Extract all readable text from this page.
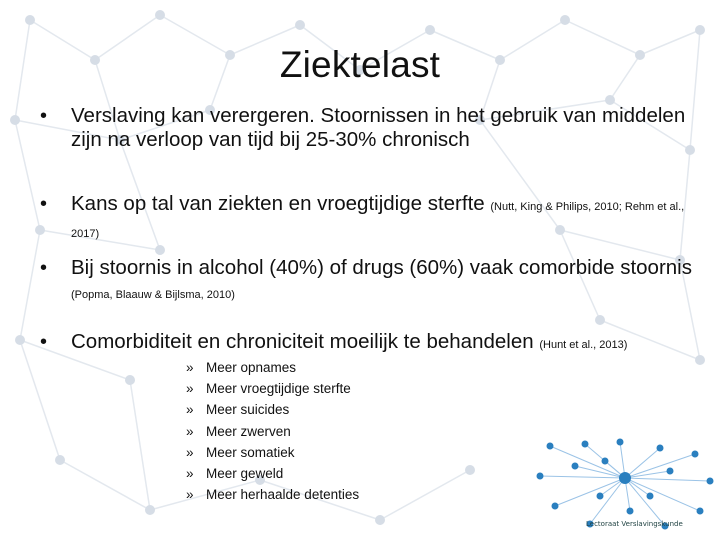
Ziektelast
• Verslaving kan verergeren. Stoornissen in het gebruik van middelen zijn na verloop van tijd bij 25-30% chronisch
• Kans op tal van ziekten en vroegtijdige sterfte (Nutt, King & Philips, 2010; Rehm et al., 2017)
• Bij stoornis in alcohol (40%) of drugs (60%) vaak comorbide stoornis (Popma, Blaauw & Bijlsma, 2010)
• Comorbiditeit en chroniciteit moeilijk te behandelen (Hunt et al., 2013)
» Meer opnames
» Meer vroegtijdige sterfte
» Meer suicides
» Meer zwerven
» Meer somatiek
» Meer geweld
» Meer herhaalde detenties
Lectoraat Verslavingskunde
